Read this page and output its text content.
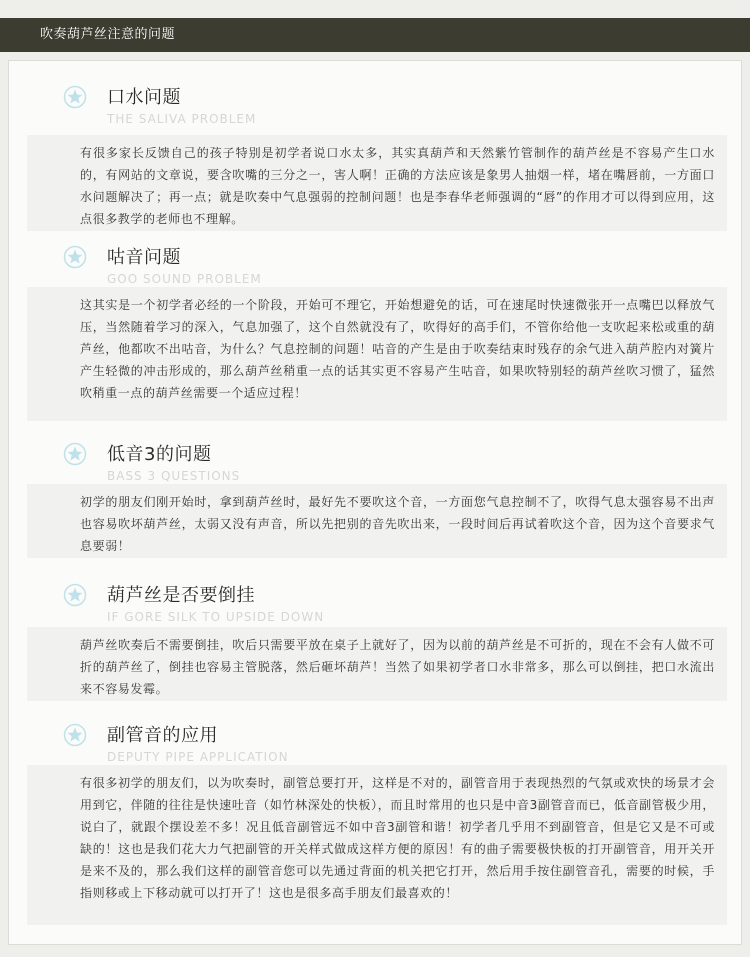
吹奏葫芦丝注意的问题
口水问题
THE SALIVA PROBLEM
有很多家长反馈自己的孩子特别是初学者说口水太多，其实真葫芦和天然紫竹管制作的葫芦丝是不容易产生口水的，有网站的文章说，要含吹嘴的三分之一，害人啊！正确的方法应该是象男人抽烟一样，堵在嘴唇前，一方面口水问题解决了；再一点；就是吹奏中气息强弱的控制问题！也是李春华老师强调的“唇”的作用才可以得到应用，这点很多教学的老师也不理解。
咕音问题
GOO SOUND PROBLEM
这其实是一个初学者必经的一个阶段，开始可不理它，开始想避免的话，可在速尾时快速微张开一点嘴巴以释放气压，当然随着学习的深入，气息加强了，这个自然就没有了，吹得好的高手们，不管你给他一支吹起来松或重的葫芦丝，他都吹不出咕音，为什么？气息控制的问题！咕音的产生是由于吹奏结束时残存的余气进入葫芦腔内对簧片产生轻微的冲击形成的，那么葫芦丝稍重一点的话其实更不容易产生咕音，如果吹特别轻的葫芦丝吹习惯了，猛然吹稍重一点的葫芦丝需要一个适应过程！
低音3的问题
BASS 3 QUESTIONS
初学的朋友们刚开始时，拿到葫芦丝时，最好先不要吹这个音，一方面您气息控制不了，吹得气息太强容易不出声也容易吹坏葫芦丝，太弱又没有声音，所以先把别的音先吹出来，一段时间后再试着吹这个音，因为这个音要求气息要弱！
葫芦丝是否要倒挂
IF GORE SILK TO UPSIDE DOWN
葫芦丝吹奏后不需要倒挂，吹后只需要平放在桌子上就好了，因为以前的葫芦丝是不可折的，现在不会有人做不可折的葫芦丝了，倒挂也容易主管脱落，然后砸坏葫芦！当然了如果初学者口水非常多，那么可以倒挂，把口水流出来不容易发霉。
副管音的应用
DEPUTY PIPE APPLICATION
有很多初学的朋友们，以为吹奏时，副管总要打开，这样是不对的，副管音用于表现热烈的气氛或欢快的场景才会用到它，伴随的往往是快速吐音（如竹林深处的快板），而且时常用的也只是中音3副管音而已，低音副管极少用，说白了，就跟个摆设差不多！况且低音副管远不如中音3副管和谐！初学者几乎用不到副管音，但是它又是不可或缺的！这也是我们花大力气把副管的开关样式做成这样方便的原因！有的曲子需要极快板的打开副管音，用开关开是来不及的，那么我们这样的副管音您可以先通过背面的机关把它打开，然后用手按住副管音孔，需要的时候，手指则移或上下移动就可以打开了！这也是很多高手朋友们最喜欢的！
